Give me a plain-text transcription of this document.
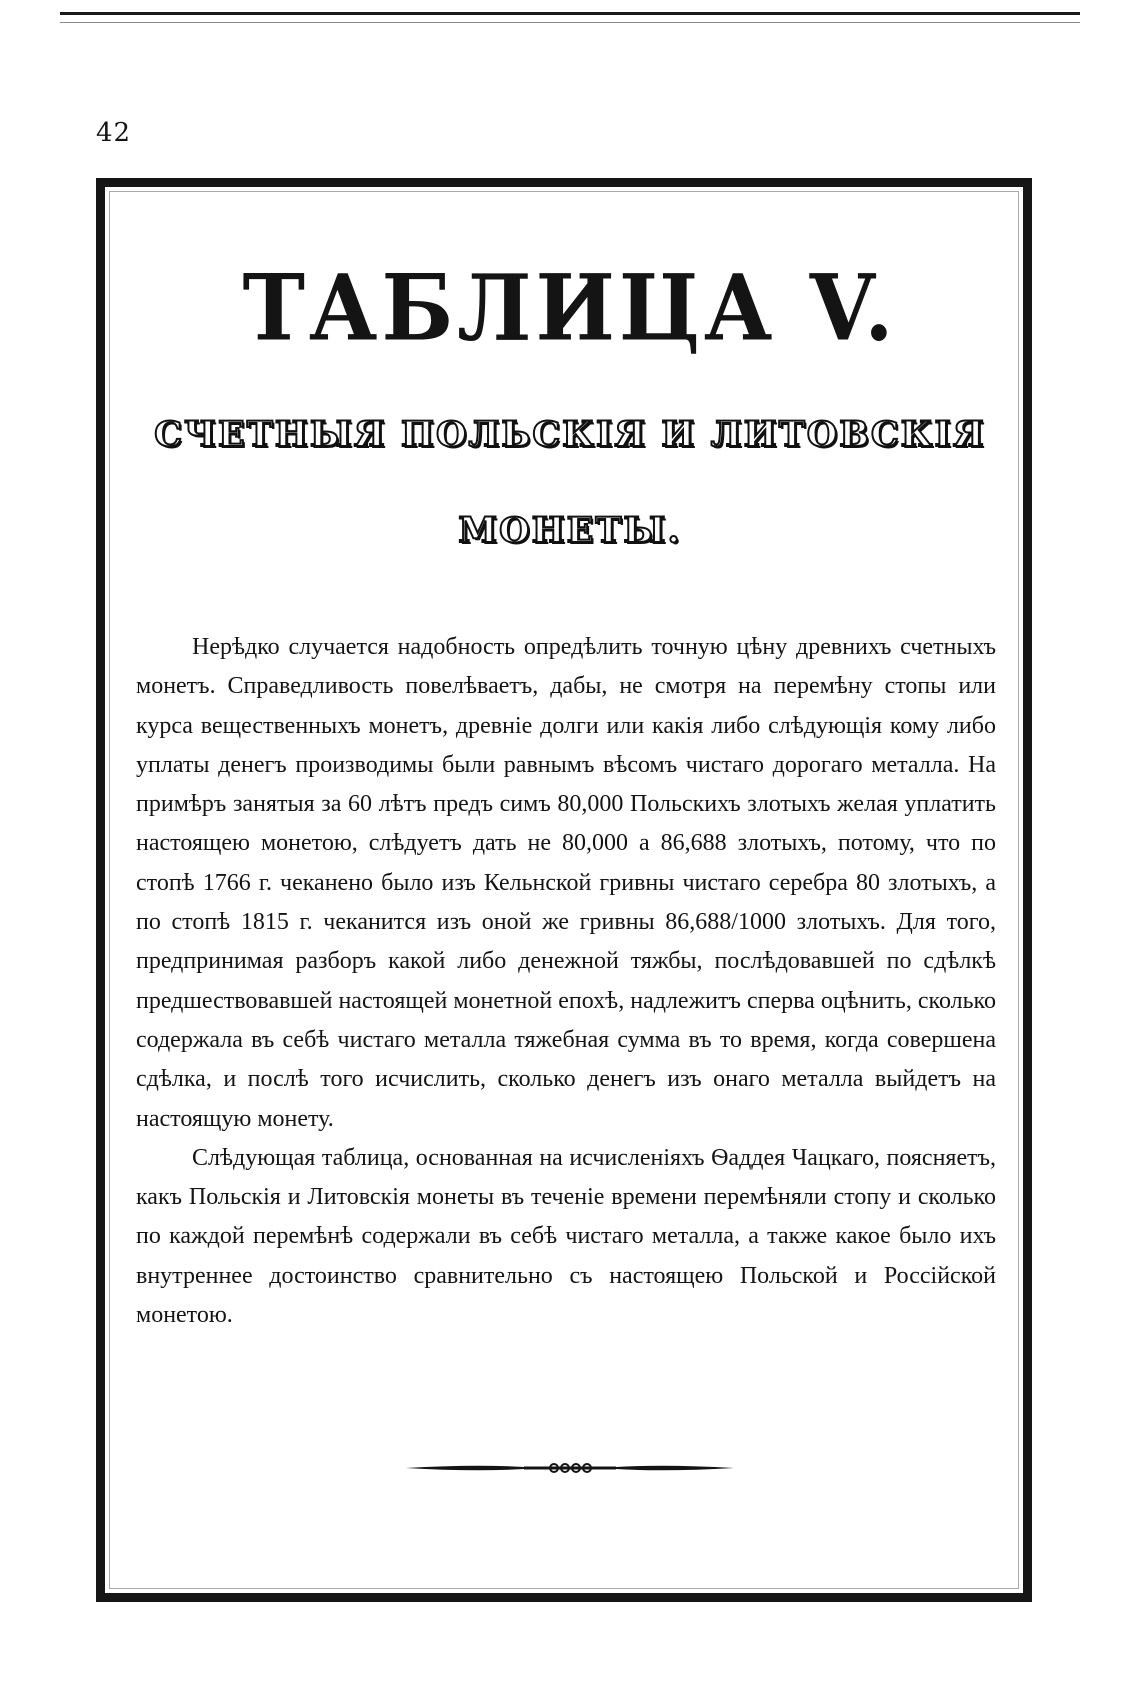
42
ТАБЛИЦА V.
СЧЕТНЫЯ ПОЛЬСКІЯ И ЛИТОВСКІЯ
МОНЕТЫ.

Нерѣдко случается надобность опредѣлить точную цѣну древнихъ счетныхъ монетъ. Справедливость повелѣваетъ, дабы, не смотря на перемѣну стопы или курса вещественныхъ монетъ, древніе долги или какія либо слѣдующія кому либо уплаты денегъ производимы были равнымъ вѣсомъ чистаго дорогаго металла. На примѣръ занятыя за 60 лѣтъ предъ симъ 80,000 Польскихъ злотыхъ желая уплатить настоящею монетою, слѣдуетъ дать не 80,000 а 86,688 злотыхъ, потому, что по стопѣ 1766 г. чеканено было изъ Кельнской гривны чистаго серебра 80 злотыхъ, а по стопѣ 1815 г. чеканится изъ оной же гривны 86,688/1000 злотыхъ. Для того, предпринимая разборъ какой либо денежной тяжбы, послѣдовавшей по сдѣлкѣ предшествовавшей настоящей монетной епохѣ, надлежитъ сперва оцѣнить, сколько содержала въ себѣ чистаго металла тяжебная сумма въ то время, когда совершена сдѣлка, и послѣ того исчислить, сколько денегъ изъ онаго металла выйдетъ на настоящую монету.

Слѣдующая таблица, основанная на исчисленіяхъ Ѳаддея Чацкаго, поясняетъ, какъ Польскія и Литовскія монеты въ теченіе времени перемѣняли стопу и сколько по каждой перемѣнѣ содержали въ себѣ чистаго металла, а также какое было ихъ внутреннее достоинство сравнительно съ настоящею Польской и Россійской монетою.
